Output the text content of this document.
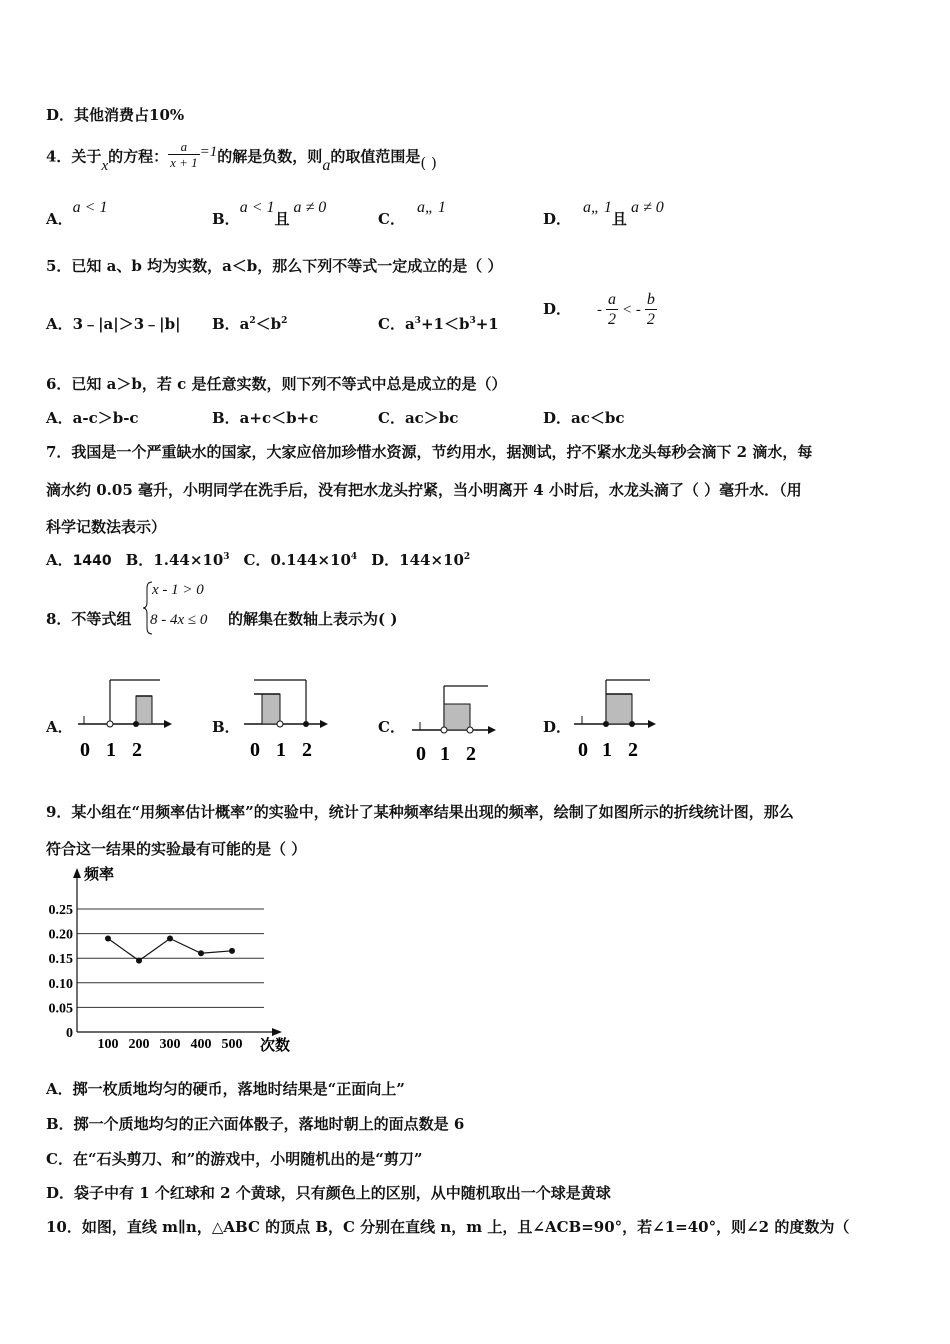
D．其他消费占10%
4．关于x的方程： $\frac{a}{x + 1} =1$的解是负数，则a的取值范围是( )
A．a < 1
B．a < 1且a ≠ 0
C．a„ 1
D．a„ 1且a ≠ 0
5．已知 a、b 均为实数，a＜b，那么下列不等式一定成立的是（ ）
A．3﹣|a|＞3﹣|b| B．$a^2<b^2$	C．$a^3+1<b^3+1$
D． - $\frac{a}{2}$ < - $\frac{b}{2}$
6．已知 a＞b，若 c 是任意实数，则下列不等式中总是成立的是（）
A．a-c＞b-c	B．a+c＜b+c	C．ac＞bc	D．ac＜bc
7．我国是一个严重缺水的国家，大家应倍加珍惜水资源，节约用水，据测试，拧不紧水龙头每秒会滴下 2 滴水，每
滴水约 0.05 毫升，小明同学在洗手后，没有把水龙头拧紧，当小明离开 4 小时后，水龙头滴了（ ）毫升水．（用
科学记数法表示）
A．1440 B．$1.44\times 10^3$ C．$0.144\times 10^4$ D．$144\times 10^2$
8．不等式组
x - 1 > 0
8 - 4x ≤ 0 的解集在数轴上表示为( )
A．
0 1 2
B．
0 1 2
C．
0 1 2
D．
0 1 2
9．某小组在“用频率估计概率”的实验中，统计了某种频率结果出现的频率，绘制了如图所示的折线统计图，那么
符合这一结果的实验最有可能的是（ ）
0
0.05
0.10
0.15
0.20
0.25
100 200 300 400 500
频率
次数
A．掷一枚质地均匀的硬币，落地时结果是“正面向上”
B．掷一个质地均匀的正六面体骰子，落地时朝上的面点数是 6
C．在“石头剪刀、和”的游戏中，小明随机出的是“剪刀”
D．袋子中有 1 个红球和 2 个黄球，只有颜色上的区别，从中随机取出一个球是黄球
10．如图，直线 m∥n，△ABC 的顶点 B，C 分别在直线 n，m 上，且∠ACB=90°，若∠1=40°，则∠2 的度数为（
